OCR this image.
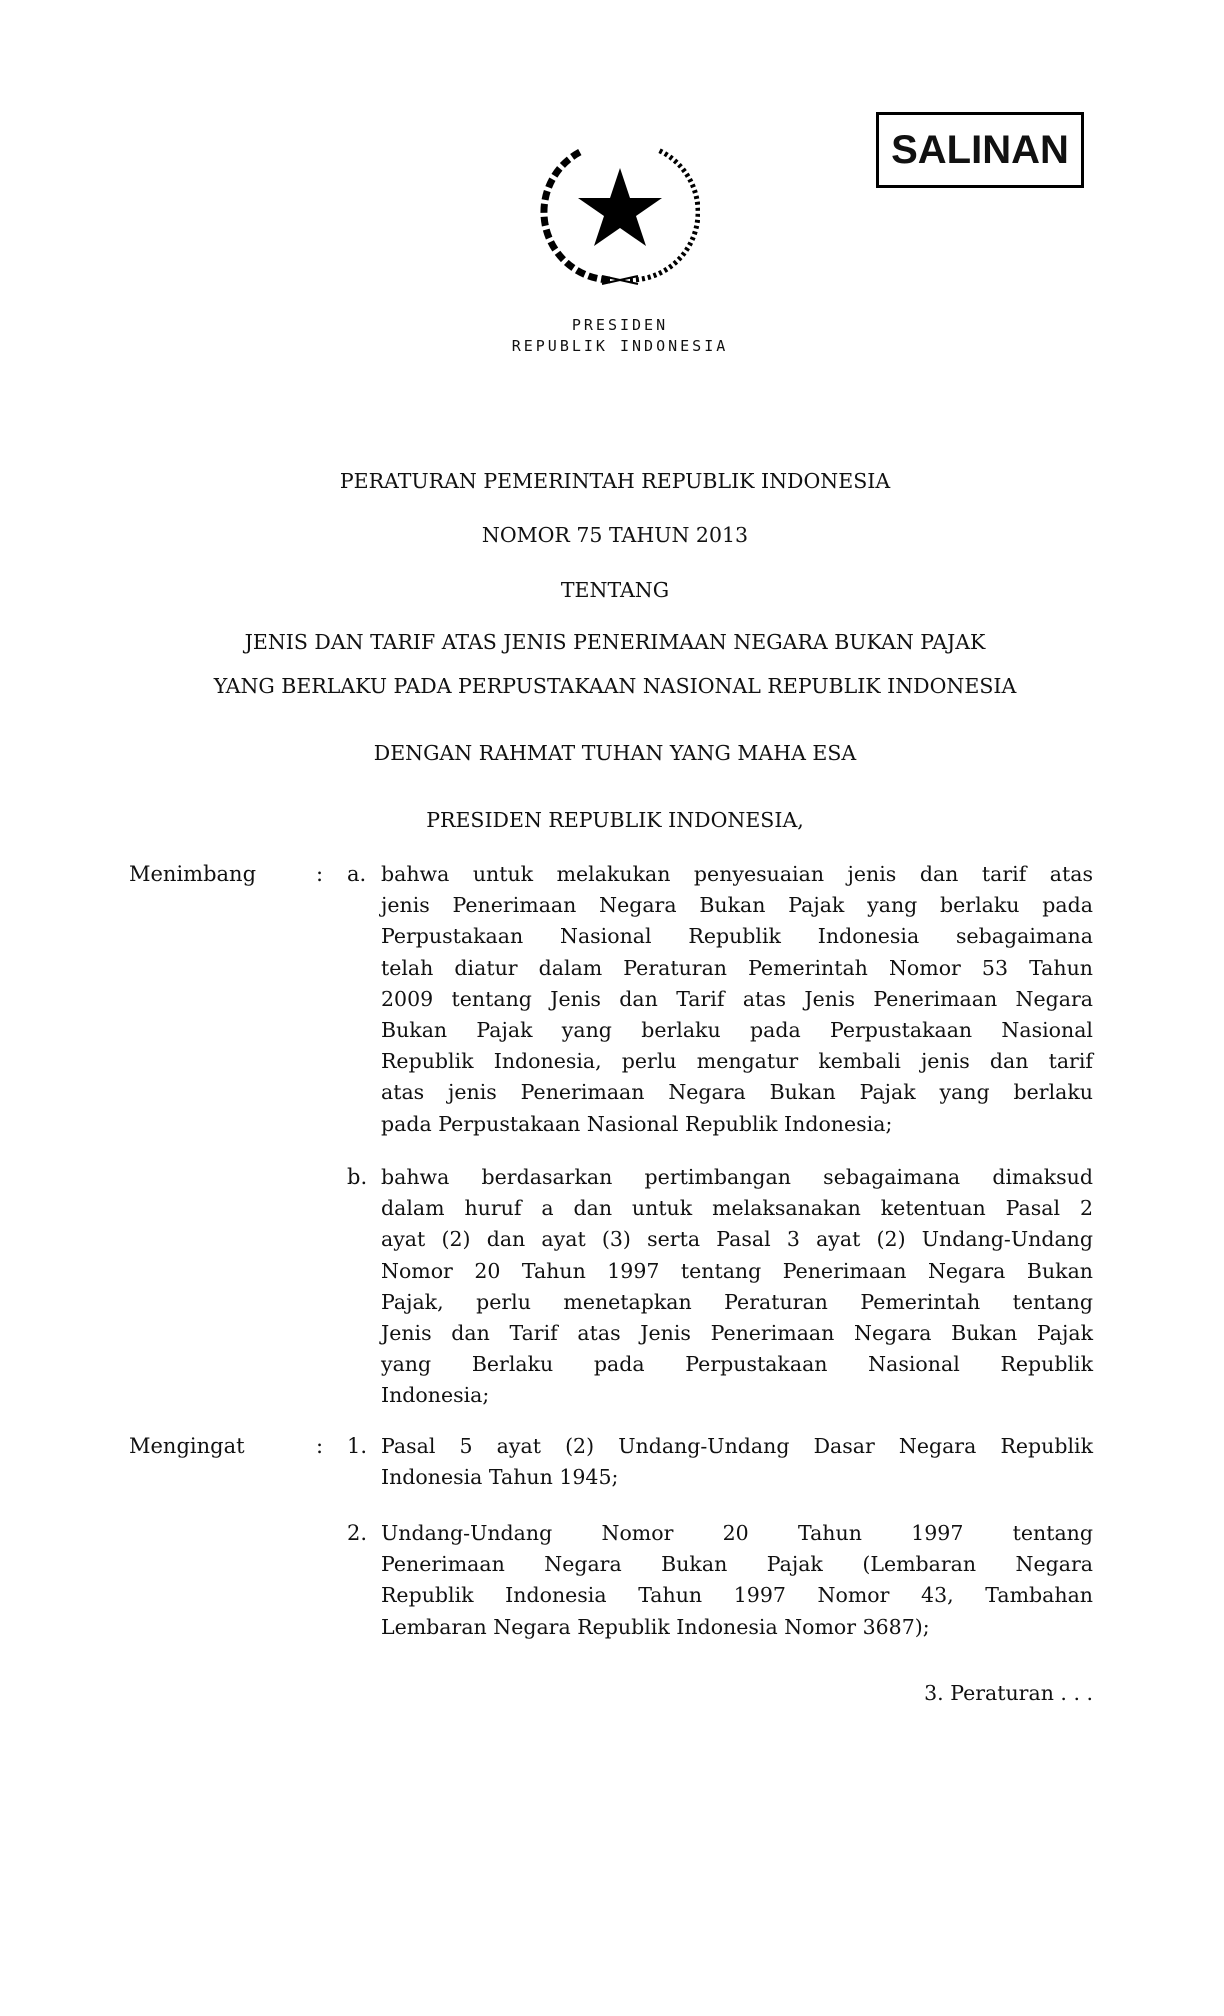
SALINAN
PRESIDEN
REPUBLIK INDONESIA
PERATURAN PEMERINTAH REPUBLIK INDONESIA
NOMOR 75 TAHUN 2013
TENTANG
JENIS DAN TARIF ATAS JENIS PENERIMAAN NEGARA BUKAN PAJAK
YANG BERLAKU PADA PERPUSTAKAAN NASIONAL REPUBLIK INDONESIA
DENGAN RAHMAT TUHAN YANG MAHA ESA
PRESIDEN REPUBLIK INDONESIA,
Menimbang	: a. bahwa untuk melakukan penyesuaian jenis dan tarif atas
jenis Penerimaan Negara Bukan Pajak yang berlaku pada
Perpustakaan Nasional Republik Indonesia sebagaimana
telah diatur dalam Peraturan Pemerintah Nomor 53 Tahun
2009 tentang Jenis dan Tarif atas Jenis Penerimaan Negara
Bukan Pajak yang berlaku pada Perpustakaan Nasional
Republik Indonesia, perlu mengatur kembali jenis dan tarif
atas jenis Penerimaan Negara Bukan Pajak yang berlaku
pada Perpustakaan Nasional Republik Indonesia;
b. bahwa berdasarkan pertimbangan sebagaimana dimaksud
dalam huruf a dan untuk melaksanakan ketentuan Pasal 2
ayat (2) dan ayat (3) serta Pasal 3 ayat (2) Undang-Undang
Nomor 20 Tahun 1997 tentang Penerimaan Negara Bukan
Pajak, perlu menetapkan Peraturan Pemerintah tentang
Jenis dan Tarif atas Jenis Penerimaan Negara Bukan Pajak
yang Berlaku pada Perpustakaan Nasional Republik
Indonesia;
Mengingat	: 1. Pasal 5 ayat (2) Undang-Undang Dasar Negara Republik
Indonesia Tahun 1945;
2. Undang-Undang Nomor 20 Tahun 1997 tentang
Penerimaan Negara Bukan Pajak (Lembaran Negara
Republik Indonesia Tahun 1997 Nomor 43, Tambahan
Lembaran Negara Republik Indonesia Nomor 3687);
3. Peraturan . . .
